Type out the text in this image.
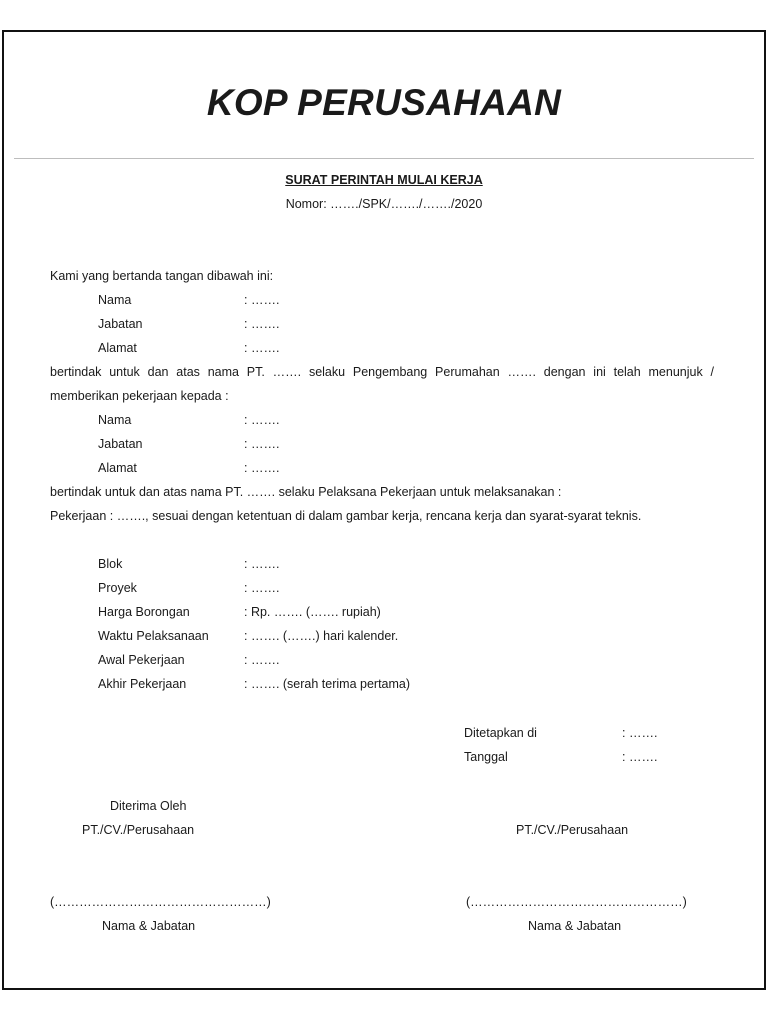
KOP PERUSAHAAN
SURAT PERINTAH MULAI KERJA
Nomor: ……./SPK/……./……./2020
Kami yang bertanda tangan dibawah ini:
Nama	: …….
Jabatan	: …….
Alamat	: …….
bertindak untuk dan atas nama PT. ……. selaku Pengembang Perumahan ……. dengan ini telah menunjuk / memberikan pekerjaan kepada :
Nama	: …….
Jabatan	: …….
Alamat	: …….
bertindak untuk dan atas nama PT. ……. selaku Pelaksana Pekerjaan untuk melaksanakan :
Pekerjaan : ……., sesuai dengan ketentuan di dalam gambar kerja, rencana kerja dan syarat-syarat teknis.
Blok	: …….
Proyek	: …….
Harga Borongan	: Rp. ……. (……. rupiah)
Waktu Pelaksanaan	: ……. (…….) hari kalender.
Awal Pekerjaan	: …….
Akhir Pekerjaan	: ……. (serah terima pertama)
Ditetapkan di	: …….
Tanggal	: …….
Diterima Oleh
PT./CV./Perusahaan
(……………………………………………)
Nama & Jabatan
PT./CV./Perusahaan
(……………………………………………)
Nama & Jabatan
